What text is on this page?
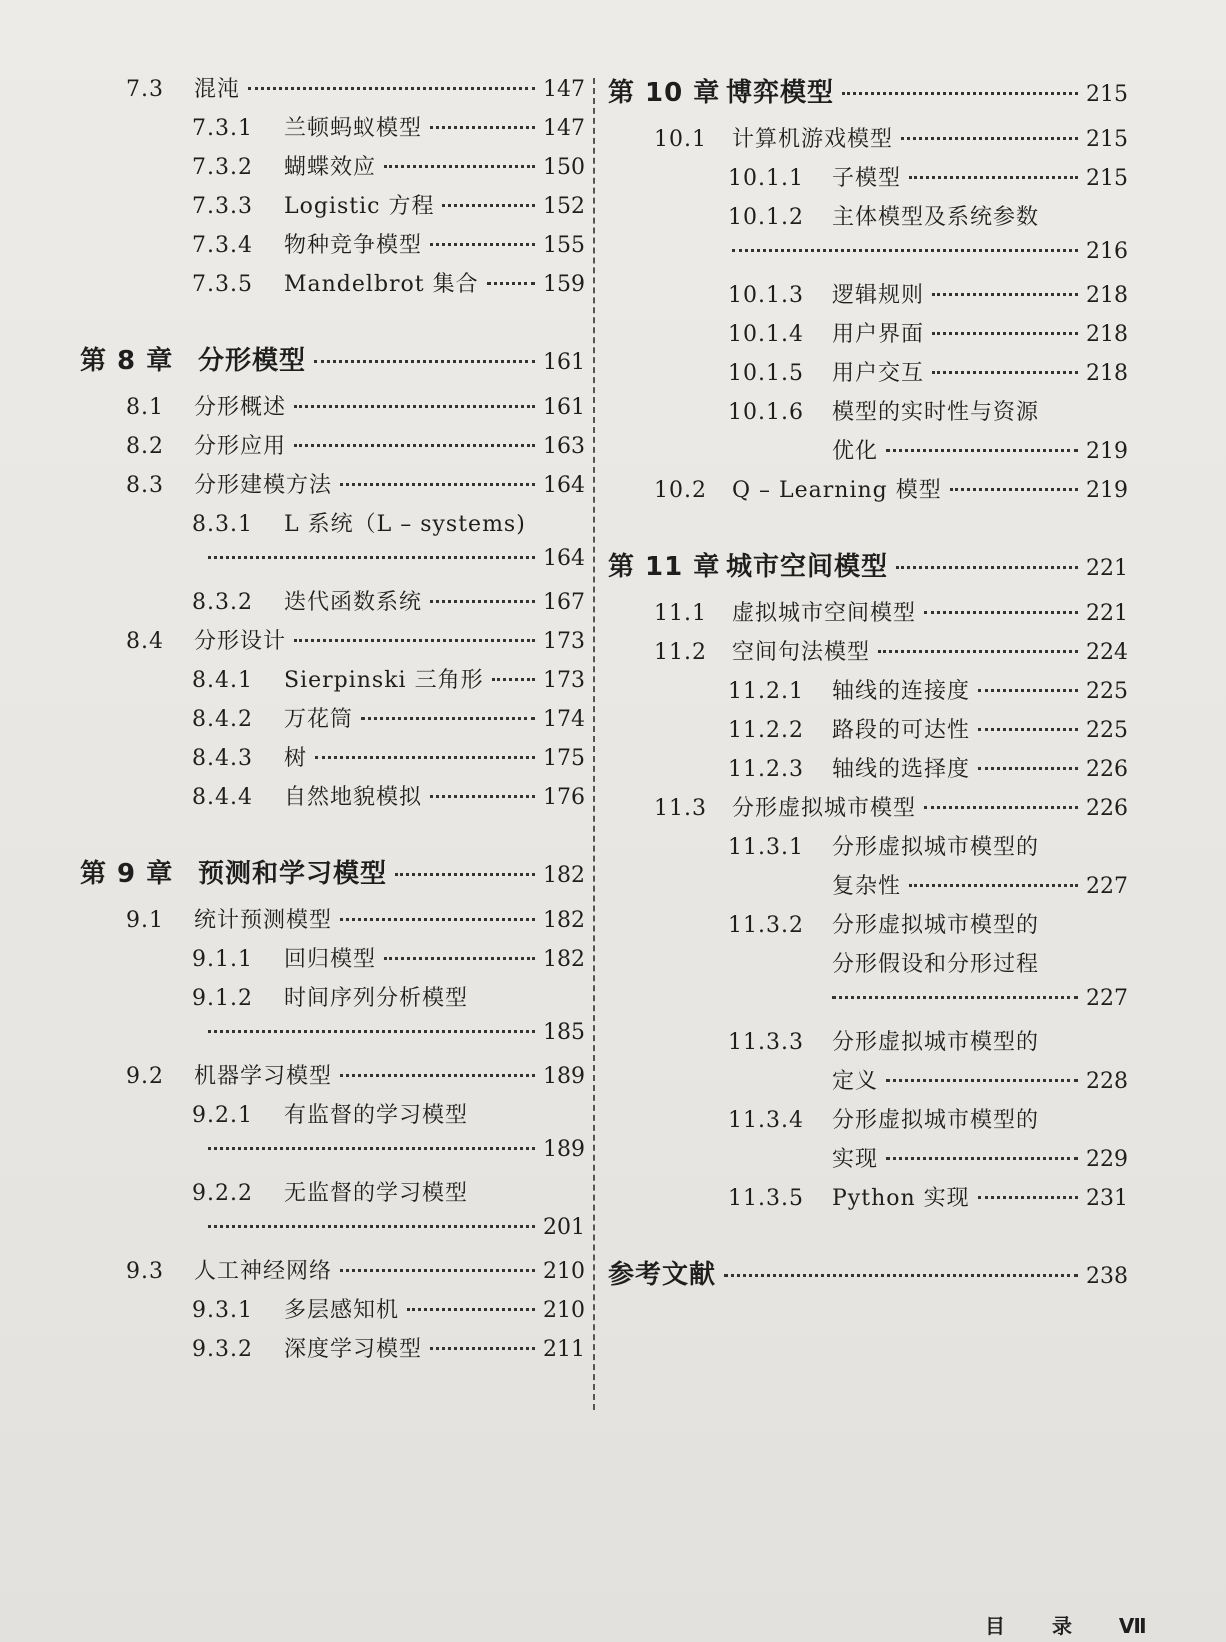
7.3	混沌	147
7.3.1	兰顿蚂蚁模型	147
7.3.2	蝴蝶效应	150
7.3.3	Logistic 方程	152
7.3.4	物种竞争模型	155
7.3.5	Mandelbrot 集合	159
第 8 章 分形模型	161
8.1	分形概述	161
8.2	分形应用	163
8.3	分形建模方法	164
8.3.1	L 系统（L – systems)
164
8.3.2	迭代函数系统	167
8.4	分形设计	173
8.4.1	Sierpinski 三角形	173
8.4.2	万花筒	174
8.4.3	树	175
8.4.4	自然地貌模拟	176
第 9 章 预测和学习模型	182
9.1	统计预测模型	182
9.1.1	回归模型	182
9.1.2	时间序列分析模型
185
9.2	机器学习模型	189
9.2.1	有监督的学习模型
189
9.2.2	无监督的学习模型
201
9.3	人工神经网络	210
9.3.1	多层感知机	210
9.3.2	深度学习模型	211
第 10 章 博弈模型	215
10.1	计算机游戏模型	215
10.1.1	子模型	215
10.1.2	主体模型及系统参数
216
10.1.3	逻辑规则	218
10.1.4	用户界面	218
10.1.5	用户交互	218
10.1.6	模型的实时性与资源
优化	219
10.2	Q – Learning 模型	219
第 11 章 城市空间模型	221
11.1	虚拟城市空间模型	221
11.2	空间句法模型	224
11.2.1	轴线的连接度	225
11.2.2	路段的可达性	225
11.2.3	轴线的选择度	226
11.3	分形虚拟城市模型	226
11.3.1	分形虚拟城市模型的
复杂性	227
11.3.2	分形虚拟城市模型的
分形假设和分形过程
227
11.3.3	分形虚拟城市模型的
定义	228
11.3.4	分形虚拟城市模型的
实现	229
11.3.5	Python 实现	231
参考文献	238
目 录 Ⅶ
